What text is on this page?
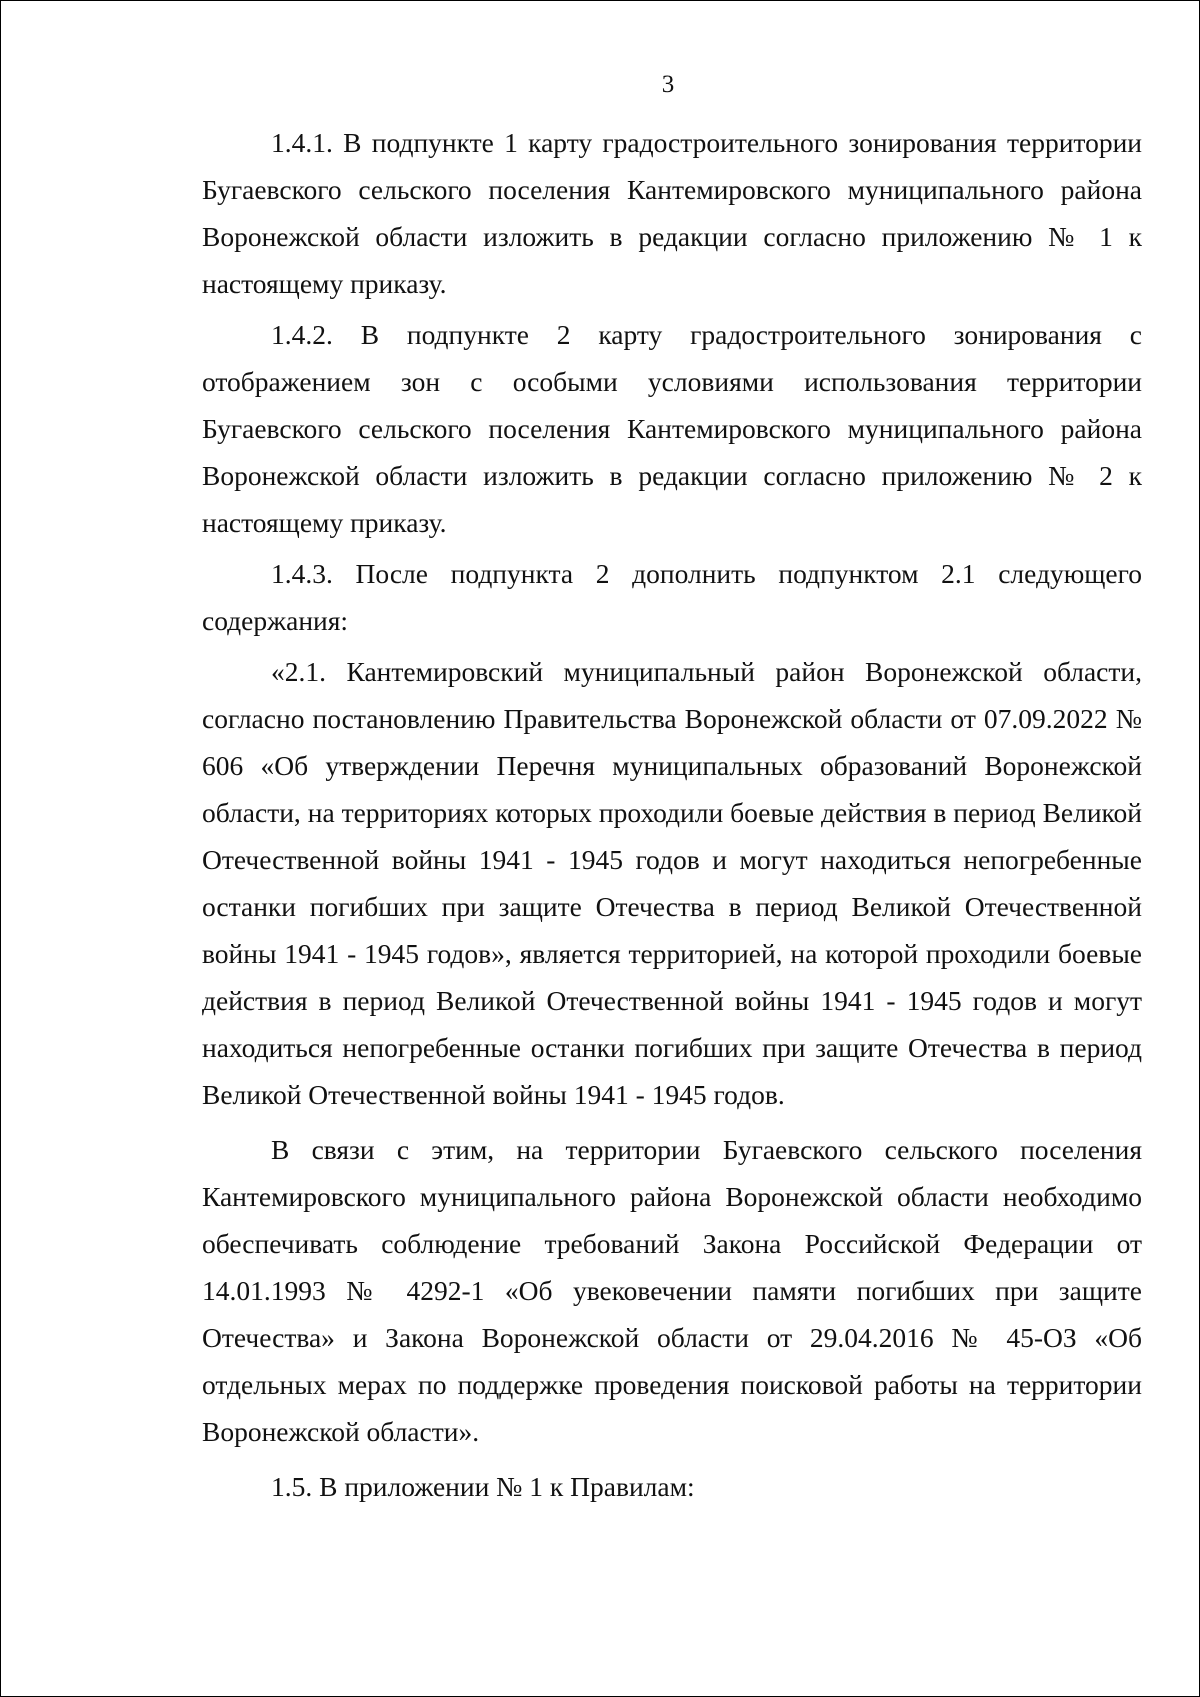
3

1.4.1. В подпункте 1 карту градостроительного зонирования территории Бугаевского сельского поселения Кантемировского муниципального района Воронежской области изложить в редакции согласно приложению № 1 к настоящему приказу.

1.4.2. В подпункте 2 карту градостроительного зонирования с отображением зон с особыми условиями использования территории Бугаевского сельского поселения Кантемировского муниципального района Воронежской области изложить в редакции согласно приложению № 2 к настоящему приказу.

1.4.3. После подпункта 2 дополнить подпунктом 2.1 следующего содержания:

«2.1. Кантемировский муниципальный район Воронежской области, согласно постановлению Правительства Воронежской области от 07.09.2022 № 606 «Об утверждении Перечня муниципальных образований Воронежской области, на территориях которых проходили боевые действия в период Великой Отечественной войны 1941 - 1945 годов и могут находиться непогребенные останки погибших при защите Отечества в период Великой Отечественной войны 1941 - 1945 годов», является территорией, на которой проходили боевые действия в период Великой Отечественной войны 1941 - 1945 годов и могут находиться непогребенные останки погибших при защите Отечества в период Великой Отечественной войны 1941 - 1945 годов.

В связи с этим, на территории Бугаевского сельского поселения Кантемировского муниципального района Воронежской области необходимо обеспечивать соблюдение требований Закона Российской Федерации от 14.01.1993 № 4292-1 «Об увековечении памяти погибших при защите Отечества» и Закона Воронежской области от 29.04.2016 № 45-ОЗ «Об отдельных мерах по поддержке проведения поисковой работы на территории Воронежской области».

1.5. В приложении № 1 к Правилам:
